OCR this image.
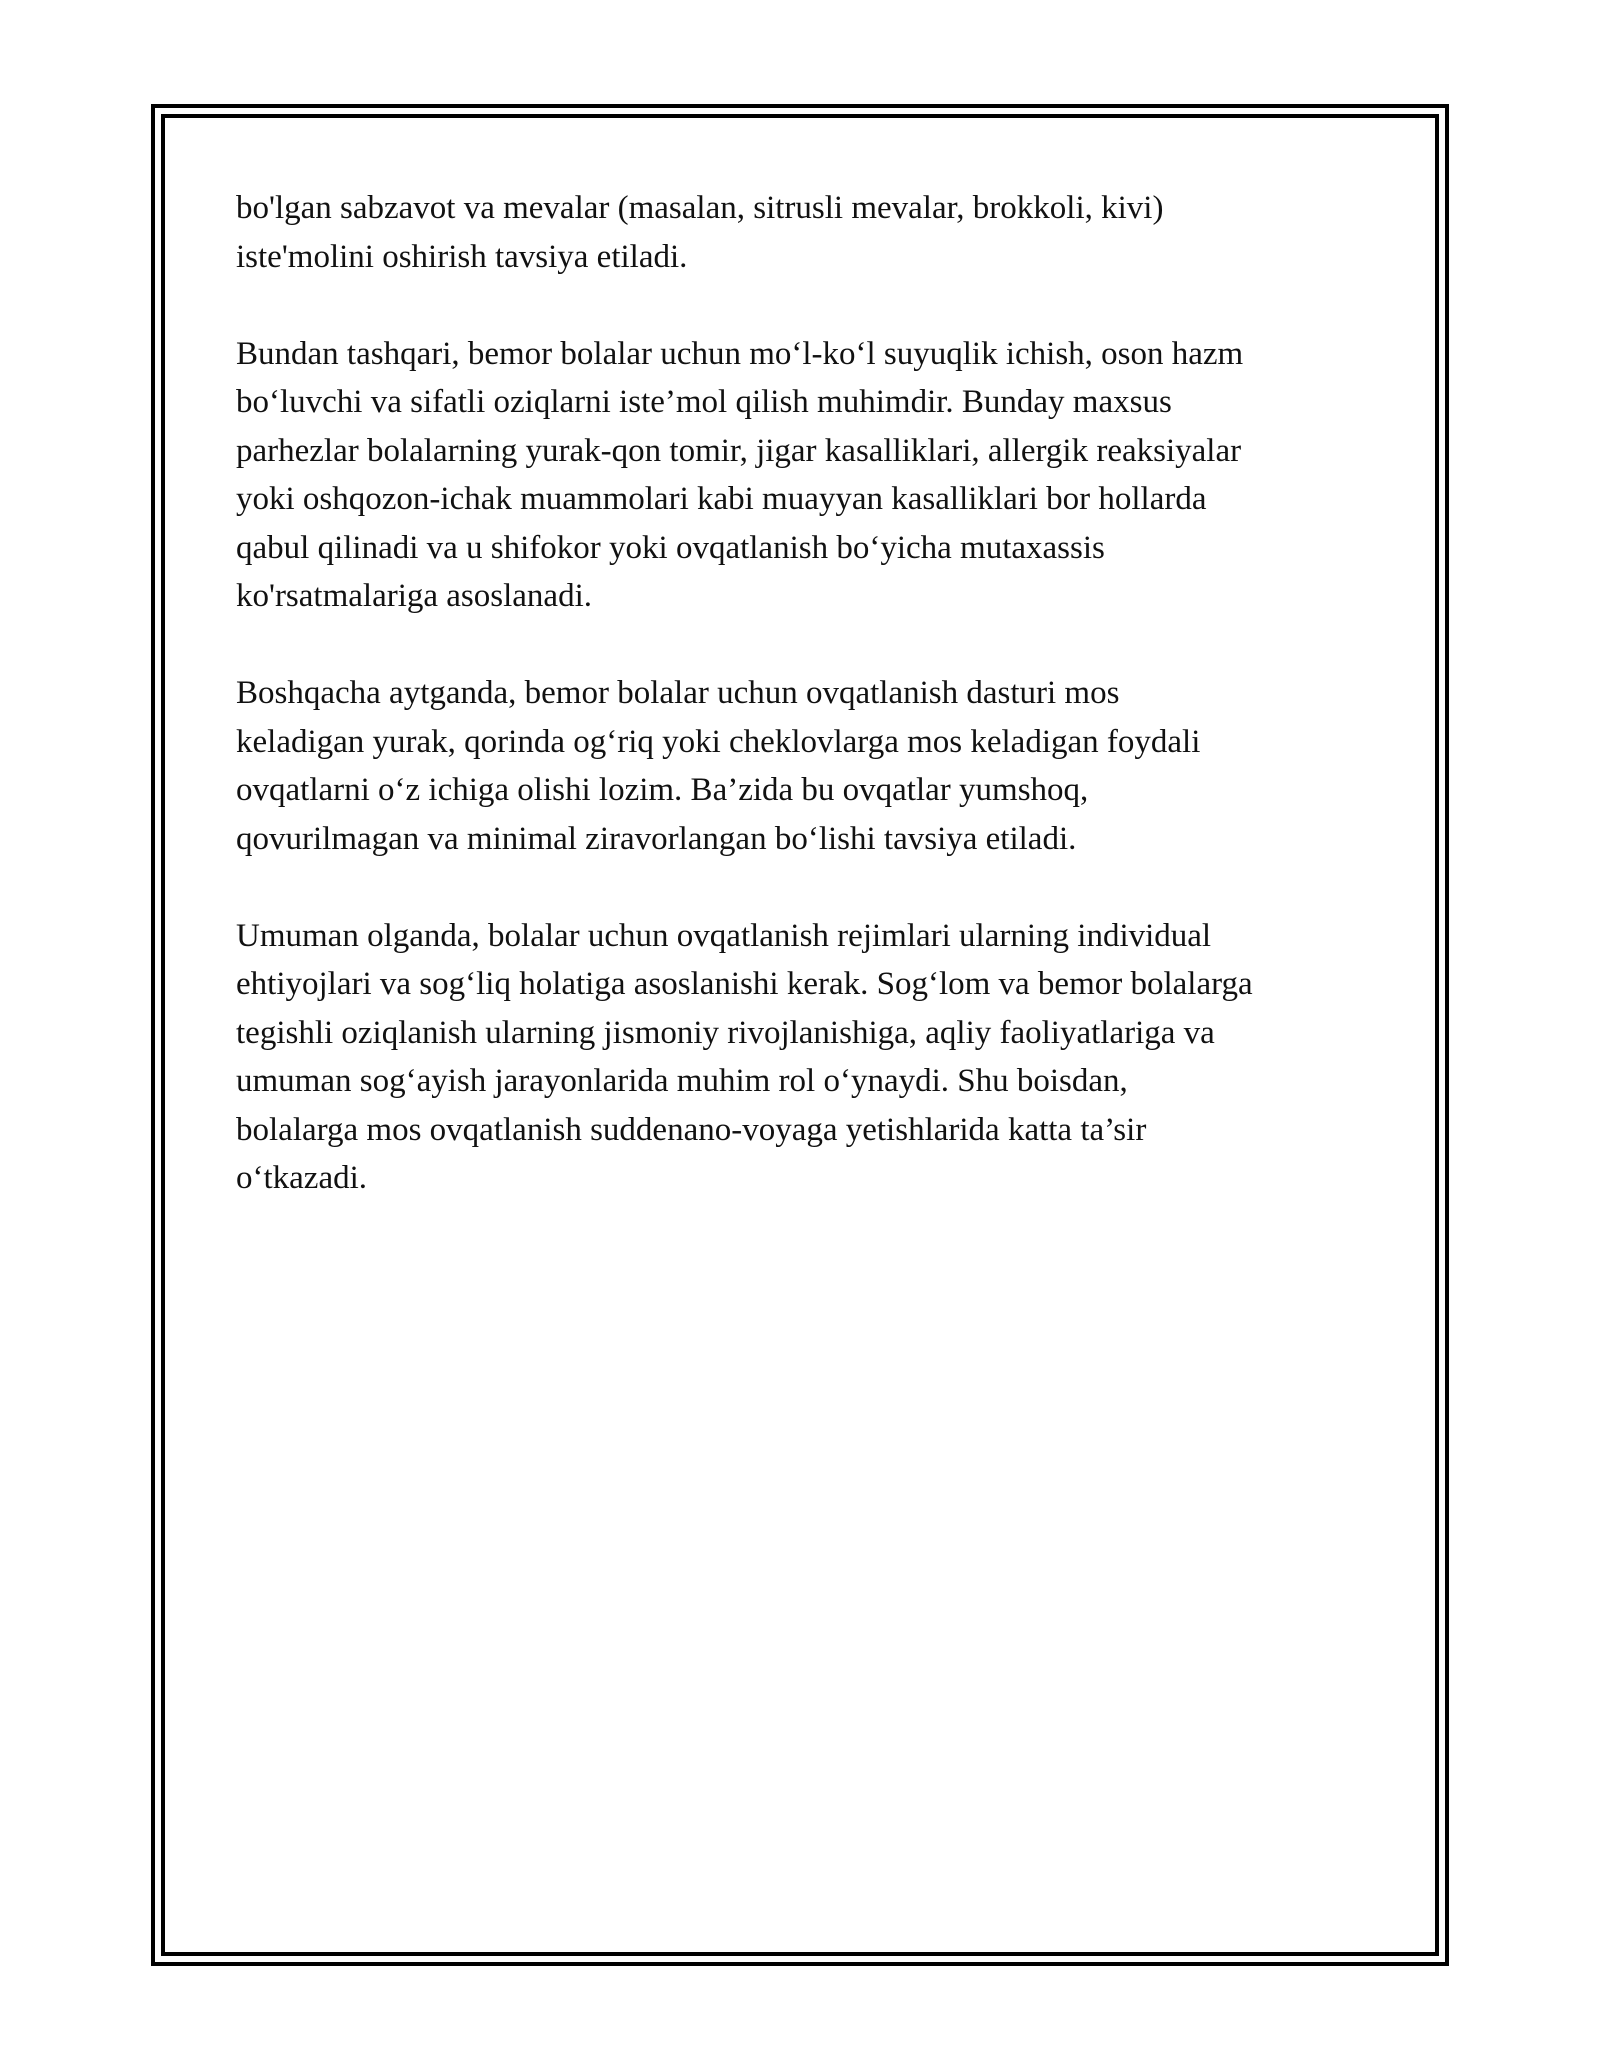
bo'lgan sabzavot va mevalar (masalan, sitrusli mevalar, brokkoli, kivi)
iste'molini oshirish tavsiya etiladi.

Bundan tashqari, bemor bolalar uchun mo‘l-ko‘l suyuqlik ichish, oson hazm
bo‘luvchi va sifatli oziqlarni iste’mol qilish muhimdir. Bunday maxsus
parhezlar bolalarning yurak-qon tomir, jigar kasalliklari, allergik reaksiyalar
yoki oshqozon-ichak muammolari kabi muayyan kasalliklari bor hollarda
qabul qilinadi va u shifokor yoki ovqatlanish bo‘yicha mutaxassis
ko'rsatmalariga asoslanadi.

Boshqacha aytganda, bemor bolalar uchun ovqatlanish dasturi mos
keladigan yurak, qorinda og‘riq yoki cheklovlarga mos keladigan foydali
ovqatlarni o‘z ichiga olishi lozim. Ba’zida bu ovqatlar yumshoq,
qovurilmagan va minimal ziravorlangan bo‘lishi tavsiya etiladi.

Umuman olganda, bolalar uchun ovqatlanish rejimlari ularning individual
ehtiyojlari va sog‘liq holatiga asoslanishi kerak. Sog‘lom va bemor bolalarga
tegishli oziqlanish ularning jismoniy rivojlanishiga, aqliy faoliyatlariga va
umuman sog‘ayish jarayonlarida muhim rol o‘ynaydi. Shu boisdan,
bolalarga mos ovqatlanish suddenano-voyaga yetishlarida katta ta’sir
o‘tkazadi.
